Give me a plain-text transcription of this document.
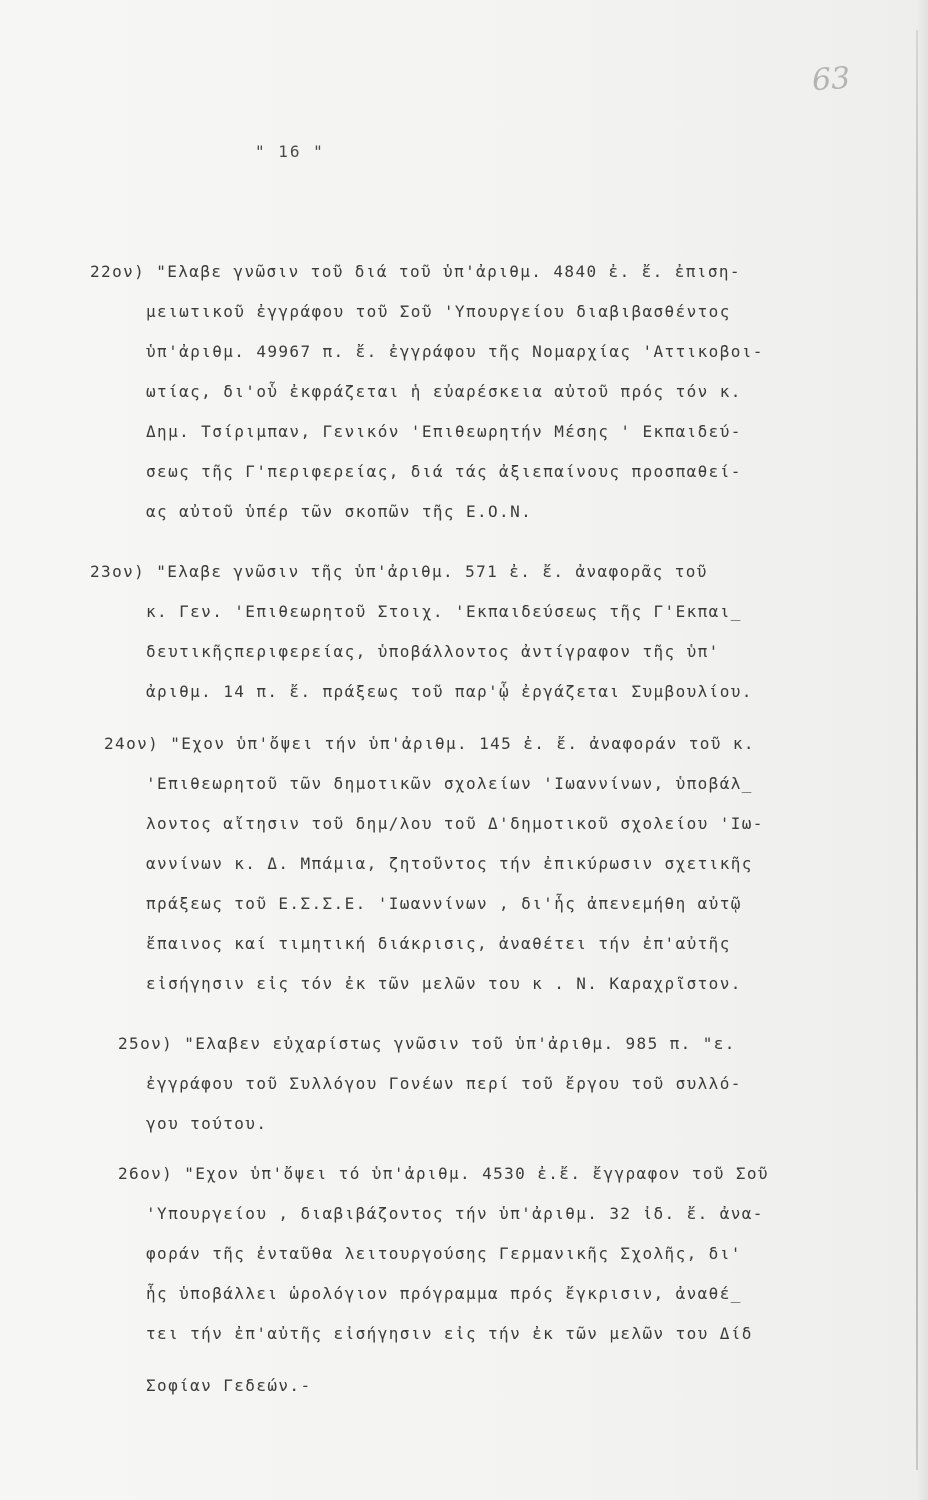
63
" 16 "
22ον) "Ελαβε γνῶσιν τοῦ διά τοῦ ὑπ'ἀριθμ. 4840 ἐ. ἔ. ἐπιση-
μειωτικοῦ ἐγγράφου τοῦ Σοῦ 'Υπουργείου διαβιβασθέντος
ὑπ'ἀριθμ. 49967 π. ἔ. ἐγγράφου τῆς Νομαρχίας 'Αττικοβοι-
ωτίας, δι'οὗ ἐκφράζεται ἡ εὐαρέσκεια αὐτοῦ πρός τόν κ.
Δημ. Τσίριμπαν, Γενικόν 'Επιθεωρητήν Μέσης ' Εκπαιδεύ-
σεως τῆς Γ'περιφερείας, διά τάς ἀξιεπαίνους προσπαθεί-
ας αὐτοῦ ὑπέρ τῶν σκοπῶν τῆς Ε.Ο.Ν.
23ον) "Ελαβε γνῶσιν τῆς ὑπ'ἀριθμ. 571 ἐ. ἔ. ἀναφορᾶς τοῦ
κ. Γεν. 'Επιθεωρητοῦ Στοιχ. 'Εκπαιδεύσεως τῆς Γ'Εκπαι_
δευτικῆςπεριφερείας, ὑποβάλλοντος ἀντίγραφον τῆς ὑπ'
ἀριθμ. 14 π. ἔ. πράξεως τοῦ παρ'ᾧ ἐργάζεται Συμβουλίου.
24ον) "Εχον ὑπ'ὄψει τήν ὑπ'ἀριθμ. 145 ἐ. ἔ. ἀναφοράν τοῦ κ.
'Επιθεωρητοῦ τῶν δημοτικῶν σχολείων 'Ιωαννίνων, ὑποβάλ_
λοντος αἴτησιν τοῦ δημ/λου τοῦ Δ'δημοτικοῦ σχολείου 'Ιω-
αννίνων κ. Δ. Μπάμια, ζητοῦντος τήν ἐπικύρωσιν σχετικῆς
πράξεως τοῦ Ε.Σ.Σ.Ε. 'Ιωαννίνων , δι'ἧς ἀπενεμήθη αὐτῷ
ἔπαινος καί τιμητική διάκρισις, ἀναθέτει τήν ἐπ'αὐτῆς
εἰσήγησιν εἰς τόν ἐκ τῶν μελῶν του κ . Ν. Καραχρῖστον.
25ον) "Ελαβεν εὐχαρίστως γνῶσιν τοῦ ὑπ'ἀριθμ. 985 π. "ε.
ἐγγράφου τοῦ Συλλόγου Γονέων περί τοῦ ἔργου τοῦ συλλό-
γου τούτου.
26ον) "Εχον ὑπ'ὄψει τό ὑπ'ἀριθμ. 4530 ἐ.ἔ. ἔγγραφον τοῦ Σοῦ
'Υπουργείου , διαβιβάζοντος τήν ὑπ'ἀριθμ. 32 ἰδ. ἔ. ἀνα-
φοράν τῆς ἐνταῦθα λειτουργούσης Γερμανικῆς Σχολῆς, δι'
ἧς ὑποβάλλει ὡρολόγιον πρόγραμμα πρός ἔγκρισιν, ἀναθέ_
τει τήν ἐπ'αὐτῆς εἰσήγησιν εἰς τήν ἐκ τῶν μελῶν του Δίδ
Σοφίαν Γεδεών.-
